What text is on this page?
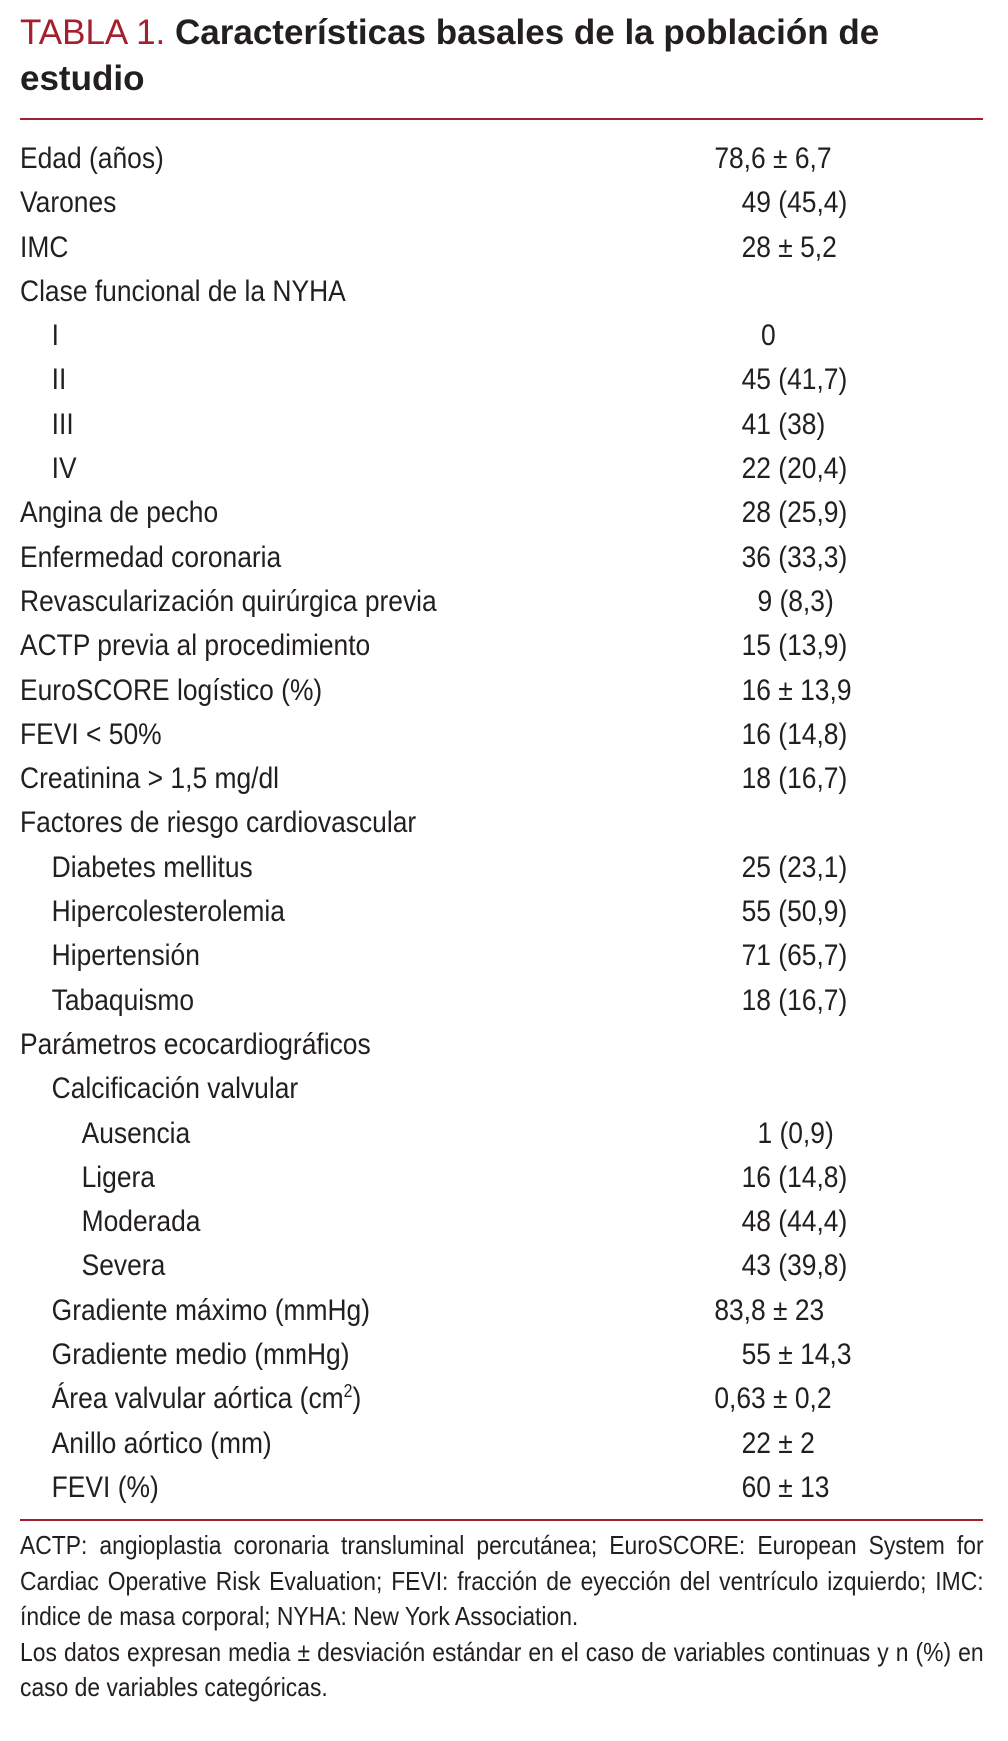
TABLA 1. Características basales de la población de estudio
Edad (años)	78,6 ± 6,7
Varones	49 (45,4)
IMC	28 ± 5,2
Clase funcional de la NYHA
I	0
II	45 (41,7)
III	41 (38)
IV	22 (20,4)
Angina de pecho	28 (25,9)
Enfermedad coronaria	36 (33,3)
Revascularización quirúrgica previa	9 (8,3)
ACTP previa al procedimiento	15 (13,9)
EuroSCORE logístico (%)	16 ± 13,9
FEVI < 50%	16 (14,8)
Creatinina > 1,5 mg/dl	18 (16,7)
Factores de riesgo cardiovascular
Diabetes mellitus	25 (23,1)
Hipercolesterolemia	55 (50,9)
Hipertensión	71 (65,7)
Tabaquismo	18 (16,7)
Parámetros ecocardiográficos
Calcificación valvular
Ausencia	1 (0,9)
Ligera	16 (14,8)
Moderada	48 (44,4)
Severa	43 (39,8)
Gradiente máximo (mmHg)	83,8 ± 23
Gradiente medio (mmHg)	55 ± 14,3
Área valvular aórtica $(cm^2)$	0,63 ± 0,2
Anillo aórtico (mm)	22 ± 2
FEVI (%)	60 ± 13

ACTP: angioplastia coronaria transluminal percutánea; EuroSCORE: European System for Cardiac Operative Risk Evaluation; FEVI: fracción de eyección del ventrículo izquierdo; IMC: índice de masa corporal; NYHA: New York Association.

Los datos expresan media ± desviación estándar en el caso de variables continuas y n (%) en caso de variables categóricas.
